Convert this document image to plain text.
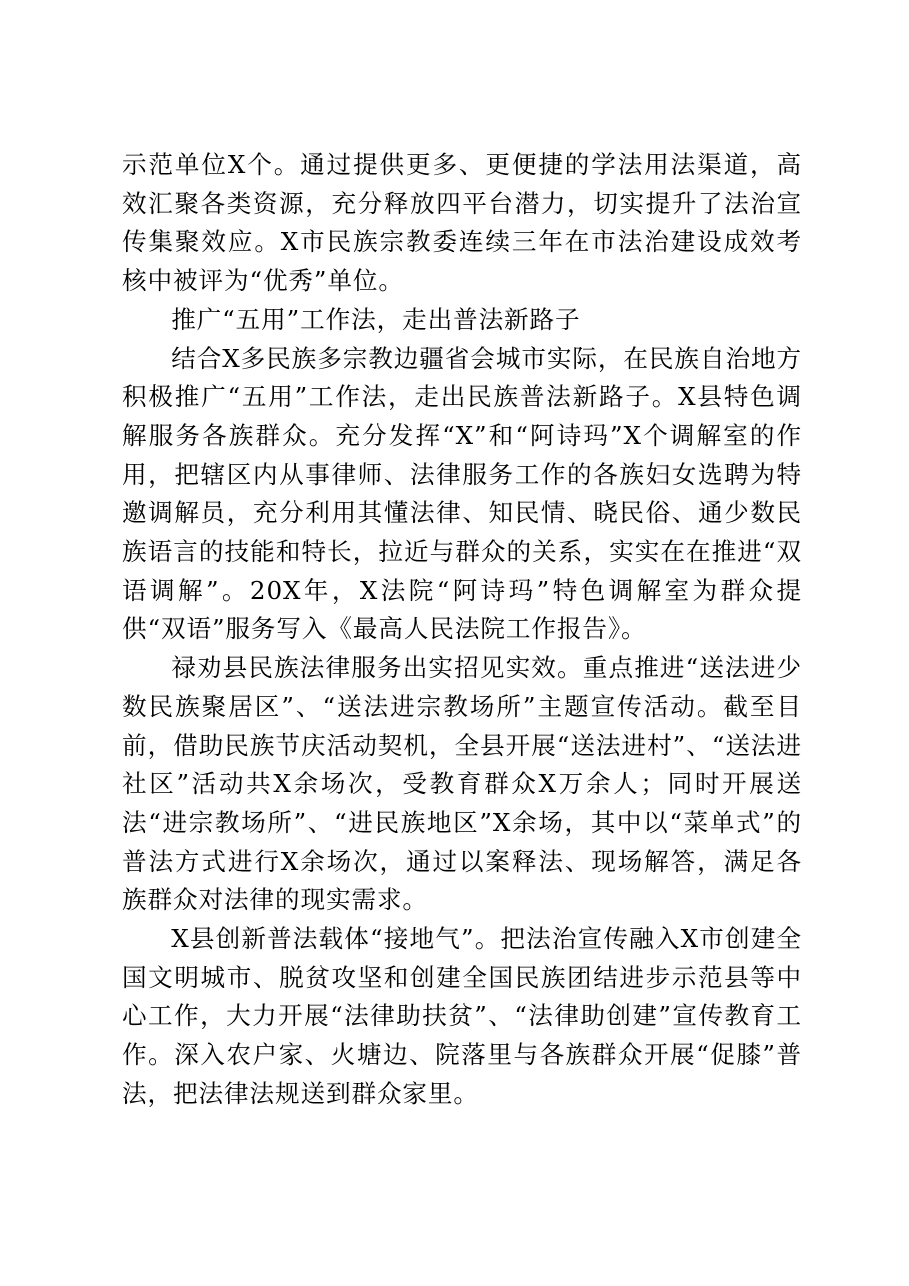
示范单位X个。通过提供更多、更便捷的学法用法渠道，高效汇聚各类资源，充分释放四平台潜力，切实提升了法治宣传集聚效应。X市民族宗教委连续三年在市法治建设成效考核中被评为“优秀”单位。

推广“五用”工作法，走出普法新路子

结合X多民族多宗教边疆省会城市实际，在民族自治地方积极推广“五用”工作法，走出民族普法新路子。X县特色调解服务各族群众。充分发挥“X”和“阿诗玛”X个调解室的作用，把辖区内从事律师、法律服务工作的各族妇女选聘为特邀调解员，充分利用其懂法律、知民情、晓民俗、通少数民族语言的技能和特长，拉近与群众的关系，实实在在推进“双语调解”。20X年，X法院“阿诗玛”特色调解室为群众提供“双语”服务写入《最高人民法院工作报告》。

禄劝县民族法律服务出实招见实效。重点推进“送法进少数民族聚居区”、“送法进宗教场所”主题宣传活动。截至目前，借助民族节庆活动契机，全县开展“送法进村”、“送法进社区”活动共X余场次，受教育群众X万余人；同时开展送法“进宗教场所”、“进民族地区”X余场，其中以“菜单式”的普法方式进行X余场次，通过以案释法、现场解答，满足各族群众对法律的现实需求。

X县创新普法载体“接地气”。把法治宣传融入X市创建全国文明城市、脱贫攻坚和创建全国民族团结进步示范县等中心工作，大力开展“法律助扶贫”、“法律助创建”宣传教育工作。深入农户家、火塘边、院落里与各族群众开展“促膝”普法，把法律法规送到群众家里。
